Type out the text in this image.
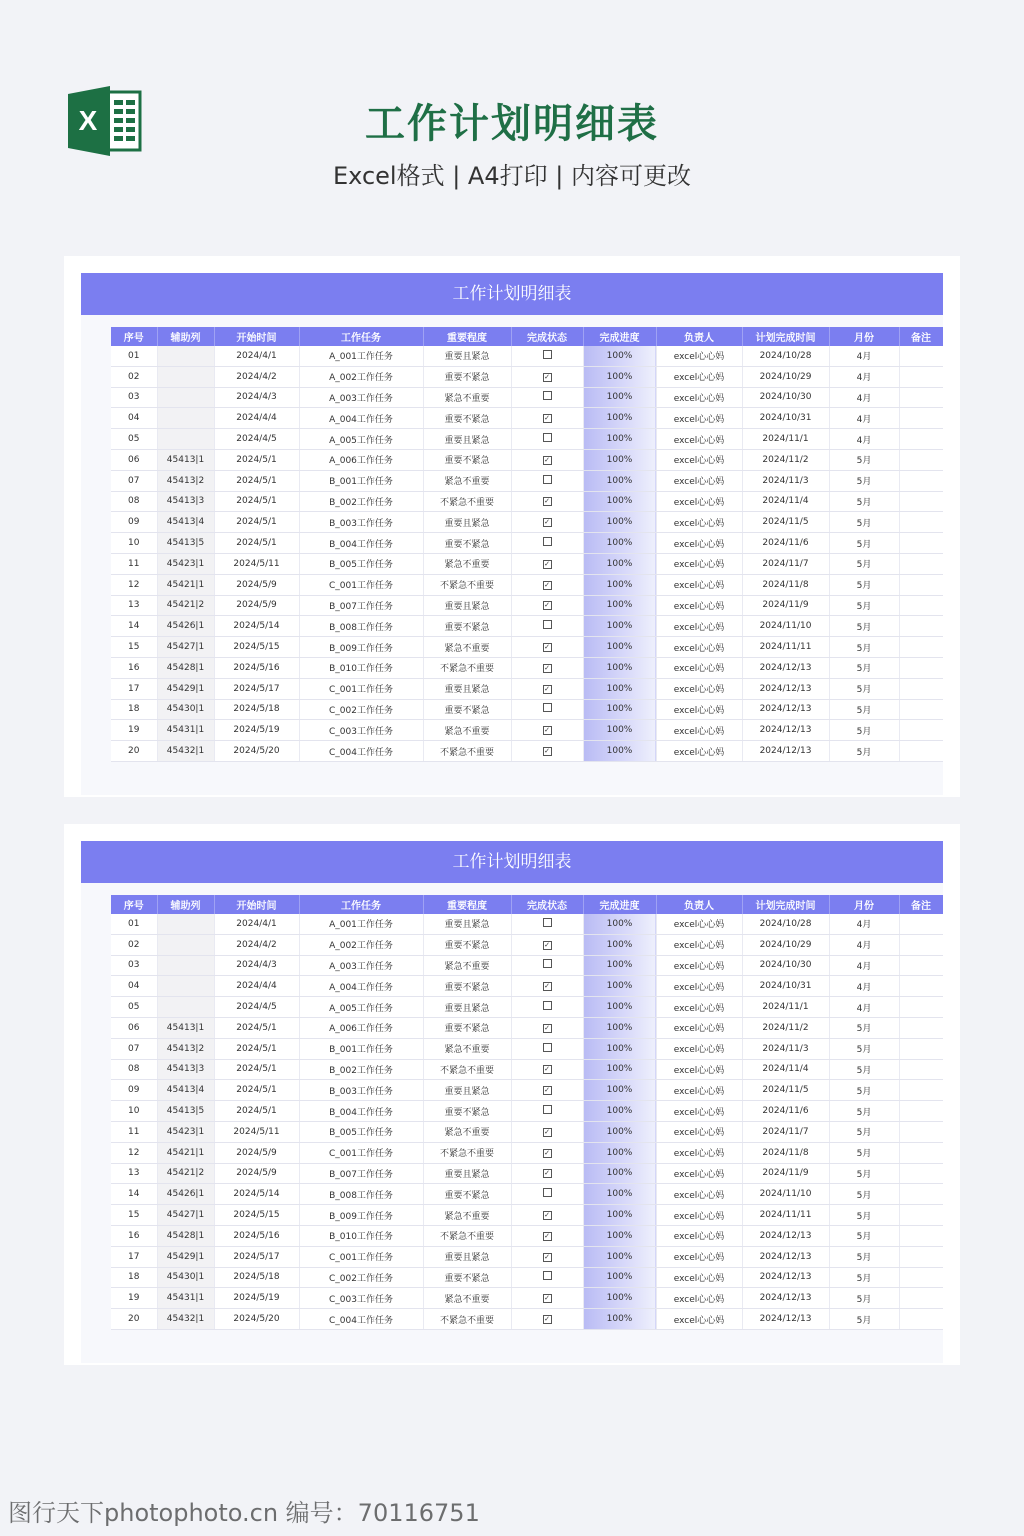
X	工作计划明细表
Excel格式 | A4打印 | 内容可更改
工作计划明细表
序号	辅助列	开始时间	工作任务	重要程度	完成状态	完成进度	负责人	计划完成时间	月份	备注
01		2024/4/1	A_001工作任务	重要且紧急		100%	excel心心妈	2024/10/28	4月	
02		2024/4/2	A_002工作任务	重要不紧急	✓	100%	excel心心妈	2024/10/29	4月	
03		2024/4/3	A_003工作任务	紧急不重要		100%	excel心心妈	2024/10/30	4月	
04		2024/4/4	A_004工作任务	重要不紧急	✓	100%	excel心心妈	2024/10/31	4月	
05		2024/4/5	A_005工作任务	重要且紧急		100%	excel心心妈	2024/11/1	4月	
06	45413|1	2024/5/1	A_006工作任务	重要不紧急	✓	100%	excel心心妈	2024/11/2	5月	
07	45413|2	2024/5/1	B_001工作任务	紧急不重要		100%	excel心心妈	2024/11/3	5月	
08	45413|3	2024/5/1	B_002工作任务	不紧急不重要	✓	100%	excel心心妈	2024/11/4	5月	
09	45413|4	2024/5/1	B_003工作任务	重要且紧急	✓	100%	excel心心妈	2024/11/5	5月	
10	45413|5	2024/5/1	B_004工作任务	重要不紧急		100%	excel心心妈	2024/11/6	5月	
11	45423|1	2024/5/11	B_005工作任务	紧急不重要	✓	100%	excel心心妈	2024/11/7	5月	
12	45421|1	2024/5/9	C_001工作任务	不紧急不重要	✓	100%	excel心心妈	2024/11/8	5月	
13	45421|2	2024/5/9	B_007工作任务	重要且紧急	✓	100%	excel心心妈	2024/11/9	5月	
14	45426|1	2024/5/14	B_008工作任务	重要不紧急		100%	excel心心妈	2024/11/10	5月	
15	45427|1	2024/5/15	B_009工作任务	紧急不重要	✓	100%	excel心心妈	2024/11/11	5月	
16	45428|1	2024/5/16	B_010工作任务	不紧急不重要	✓	100%	excel心心妈	2024/12/13	5月	
17	45429|1	2024/5/17	C_001工作任务	重要且紧急	✓	100%	excel心心妈	2024/12/13	5月	
18	45430|1	2024/5/18	C_002工作任务	重要不紧急		100%	excel心心妈	2024/12/13	5月	
19	45431|1	2024/5/19	C_003工作任务	紧急不重要	✓	100%	excel心心妈	2024/12/13	5月	
20	45432|1	2024/5/20	C_004工作任务	不紧急不重要	✓	100%	excel心心妈	2024/12/13	5月	
工作计划明细表
序号	辅助列	开始时间	工作任务	重要程度	完成状态	完成进度	负责人	计划完成时间	月份	备注
01		2024/4/1	A_001工作任务	重要且紧急		100%	excel心心妈	2024/10/28	4月	
02		2024/4/2	A_002工作任务	重要不紧急	✓	100%	excel心心妈	2024/10/29	4月	
03		2024/4/3	A_003工作任务	紧急不重要		100%	excel心心妈	2024/10/30	4月	
04		2024/4/4	A_004工作任务	重要不紧急	✓	100%	excel心心妈	2024/10/31	4月	
05		2024/4/5	A_005工作任务	重要且紧急		100%	excel心心妈	2024/11/1	4月	
06	45413|1	2024/5/1	A_006工作任务	重要不紧急	✓	100%	excel心心妈	2024/11/2	5月	
07	45413|2	2024/5/1	B_001工作任务	紧急不重要		100%	excel心心妈	2024/11/3	5月	
08	45413|3	2024/5/1	B_002工作任务	不紧急不重要	✓	100%	excel心心妈	2024/11/4	5月	
09	45413|4	2024/5/1	B_003工作任务	重要且紧急	✓	100%	excel心心妈	2024/11/5	5月	
10	45413|5	2024/5/1	B_004工作任务	重要不紧急		100%	excel心心妈	2024/11/6	5月	
11	45423|1	2024/5/11	B_005工作任务	紧急不重要	✓	100%	excel心心妈	2024/11/7	5月	
12	45421|1	2024/5/9	C_001工作任务	不紧急不重要	✓	100%	excel心心妈	2024/11/8	5月	
13	45421|2	2024/5/9	B_007工作任务	重要且紧急	✓	100%	excel心心妈	2024/11/9	5月	
14	45426|1	2024/5/14	B_008工作任务	重要不紧急		100%	excel心心妈	2024/11/10	5月	
15	45427|1	2024/5/15	B_009工作任务	紧急不重要	✓	100%	excel心心妈	2024/11/11	5月	
16	45428|1	2024/5/16	B_010工作任务	不紧急不重要	✓	100%	excel心心妈	2024/12/13	5月	
17	45429|1	2024/5/17	C_001工作任务	重要且紧急	✓	100%	excel心心妈	2024/12/13	5月	
18	45430|1	2024/5/18	C_002工作任务	重要不紧急		100%	excel心心妈	2024/12/13	5月	
19	45431|1	2024/5/19	C_003工作任务	紧急不重要	✓	100%	excel心心妈	2024/12/13	5月	
20	45432|1	2024/5/20	C_004工作任务	不紧急不重要	✓	100%	excel心心妈	2024/12/13	5月	
图行天下photophoto.cn 编号：70116751
